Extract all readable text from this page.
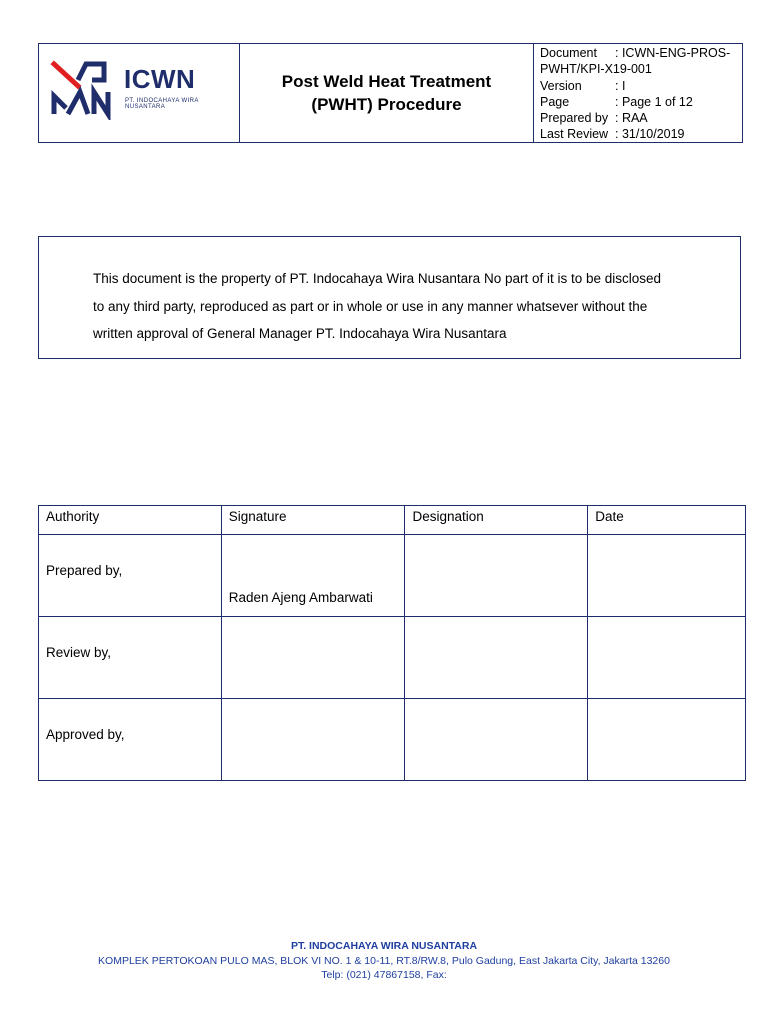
ICWN
PT. INDOCAHAYA WIRA NUSANTARA
Post Weld Heat Treatment
(PWHT) Procedure
Document	: ICWN-ENG-PROS-
PWHT/KPI-X19-001
Version	: I
Page	: Page 1 of 12
Prepared by : RAA
Last Review : 31/10/2019

This document is the property of PT. Indocahaya Wira Nusantara No part of it is to be disclosed

to any third party, reproduced as part or in whole or use in any manner whatsever without the

written approval of General Manager PT. Indocahaya Wira Nusantara

Authority	Signature	Designation	Date

Prepared by,	Raden Ajeng Ambarwati		

Review by,			

Approved by,			

PT. INDOCAHAYA WIRA NUSANTARA
KOMPLEK PERTOKOAN PULO MAS, BLOK VI NO. 1 & 10-11, RT.8/RW.8, Pulo Gadung, East Jakarta City, Jakarta 13260
Telp: (021) 47867158, Fax:
